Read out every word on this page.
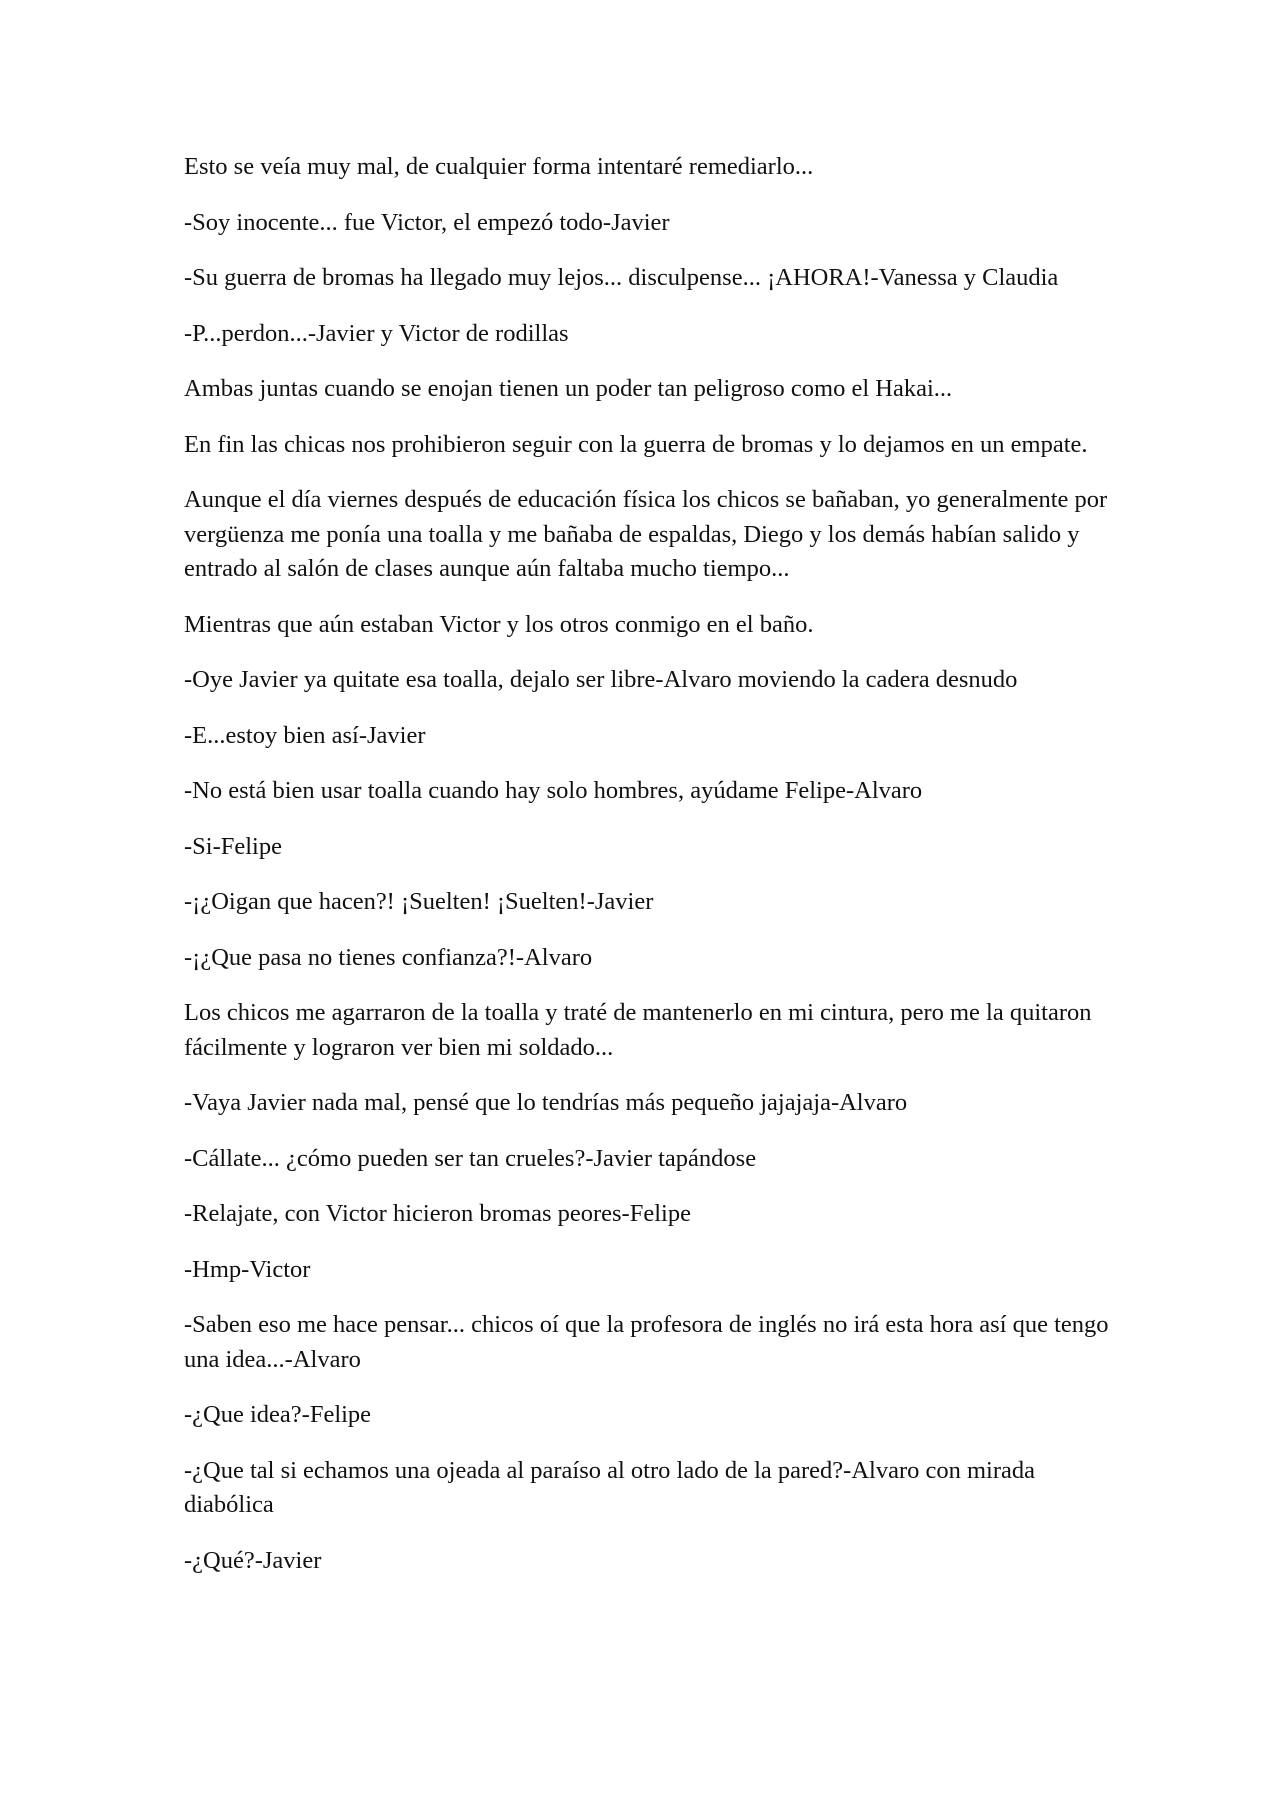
Esto se veía muy mal, de cualquier forma intentaré remediarlo...

-Soy inocente... fue Victor, el empezó todo-Javier

-Su guerra de bromas ha llegado muy lejos... disculpense... ¡AHORA!-Vanessa y Claudia

-P...perdon...-Javier y Victor de rodillas

Ambas juntas cuando se enojan tienen un poder tan peligroso como el Hakai...

En fin las chicas nos prohibieron seguir con la guerra de bromas y lo dejamos en un empate.

Aunque el día viernes después de educación física los chicos se bañaban, yo generalmente por vergüenza me ponía una toalla y me bañaba de espaldas, Diego y los demás habían salido y entrado al salón de clases aunque aún faltaba mucho tiempo...

Mientras que aún estaban Victor y los otros conmigo en el baño.

-Oye Javier ya quitate esa toalla, dejalo ser libre-Alvaro moviendo la cadera desnudo

-E...estoy bien así-Javier

-No está bien usar toalla cuando hay solo hombres, ayúdame Felipe-Alvaro

-Si-Felipe

-¡¿Oigan que hacen?! ¡Suelten! ¡Suelten!-Javier

-¡¿Que pasa no tienes confianza?!-Alvaro

Los chicos me agarraron de la toalla y traté de mantenerlo en mi cintura, pero me la quitaron fácilmente y lograron ver bien mi soldado...

-Vaya Javier nada mal, pensé que lo tendrías más pequeño jajajaja-Alvaro

-Cállate... ¿cómo pueden ser tan crueles?-Javier tapándose

-Relajate, con Victor hicieron bromas peores-Felipe

-Hmp-Victor

-Saben eso me hace pensar... chicos oí que la profesora de inglés no irá esta hora así que tengo una idea...-Alvaro

-¿Que idea?-Felipe

-¿Que tal si echamos una ojeada al paraíso al otro lado de la pared?-Alvaro con mirada diabólica

-¿Qué?-Javier
